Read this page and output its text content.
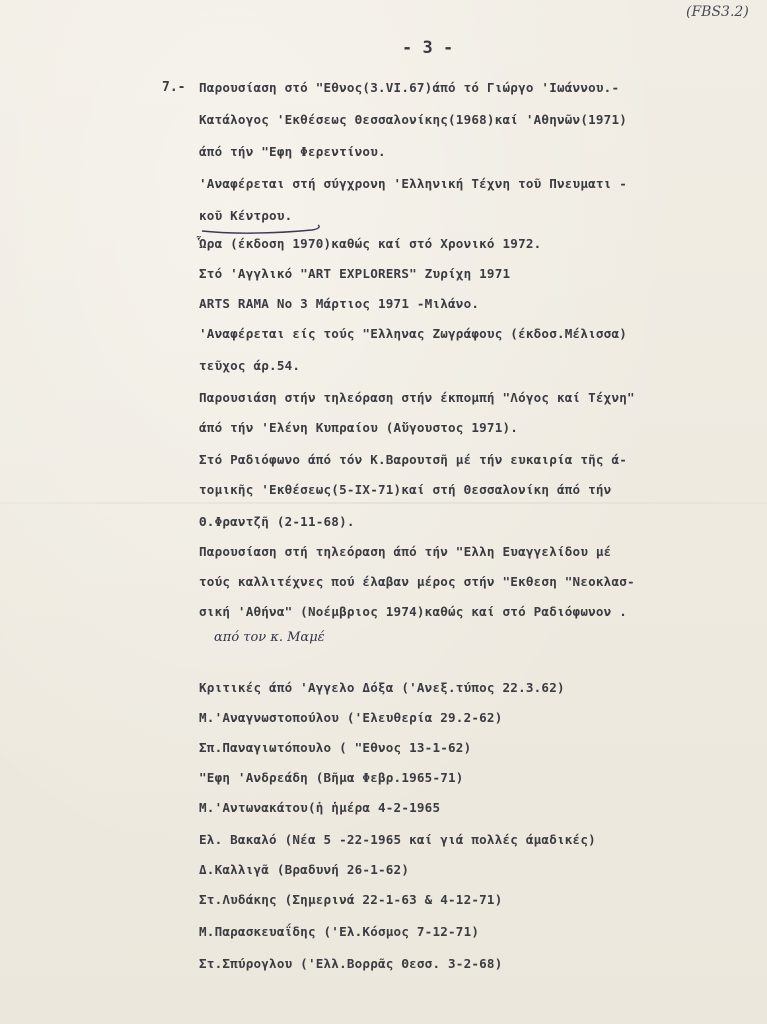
(FBS3.2)
- 3 -
7.- Παρουσίαση στό "Εθνος(3.VI.67)άπό τό Γιώργο 'Ιωάννου.-
Κατάλογος 'Εκθέσεως Θεσσαλονίκης(1968)καί 'Αθηνῶν(1971)
άπό τήν "Εφη Φερεντίνου.
'Αναφέρεται στή σύγχρονη 'Ελληνική Τέχνη τοῦ Πνευματι -
κοῦ Κέντρου.
Ὧρα (έκδοση 1970)καθώς καί στό Χρονικό 1972.
Στό 'Αγγλικό "ART EXPLORERS" Ζυρίχη 1971
ARTS RAMA No 3 Μάρτιος 1971 -Μιλάνο.
'Αναφέρεται είς τούς "Ελληνας Ζωγράφους (έκδοσ.Μέλισσα)
τεῦχος άρ.54.
Παρουσιάση στήν τηλεόραση στήν έκπομπή "Λόγος καί Τέχνη"
άπό τήν 'Ελένη Κυπραίου (Αὔγουστος 1971).
Στό Ραδιόφωνο άπό τόν Κ.Βαρουτσῆ μέ τήν ευκαιρία τῆς ά-
τομικῆς 'Εκθέσεως(5-ΙΧ-71)καί στή Θεσσαλονίκη άπό τήν
Θ.Φραντζῆ (2-11-68).
Παρουσίαση στή τηλεόραση άπό τήν "Ελλη Ευαγγελίδου μέ
τούς καλλιτέχνες πού έλαβαν μέρος στήν "Εκθεση "Νεοκλασ-
σική 'Αθήνα" (Νοέμβριος 1974)καθώς καί στό Ραδιόφωνον .
από τον κ. Μαμέ
Κριτικές άπό 'Αγγελο Δόξα ('Ανεξ.τύπος 22.3.62)
Μ.'Αναγνωστοπούλου ('Ελευθερία 29.2-62)
Σπ.Παναγιωτόπουλο ( "Εθνος 13-1-62)
"Εφη 'Ανδρεάδη (Βῆμα Φεβρ.1965-71)
Μ.'Αντωνακάτου(ἡ ἡμέρα 4-2-1965
Ελ. Βακαλό (Νέα 5 -22-1965 καί γιά πολλές άμαδικές)
Δ.Καλλιγᾶ (Βραδυνή 26-1-62)
Στ.Λυδάκης (Σημερινά 22-1-63 & 4-12-71)
Μ.Παρασκευαΐδης ('Ελ.Κόσμος 7-12-71)
Στ.Σπύρογλου ('Ελλ.Βορρᾶς Θεσσ. 3-2-68)
